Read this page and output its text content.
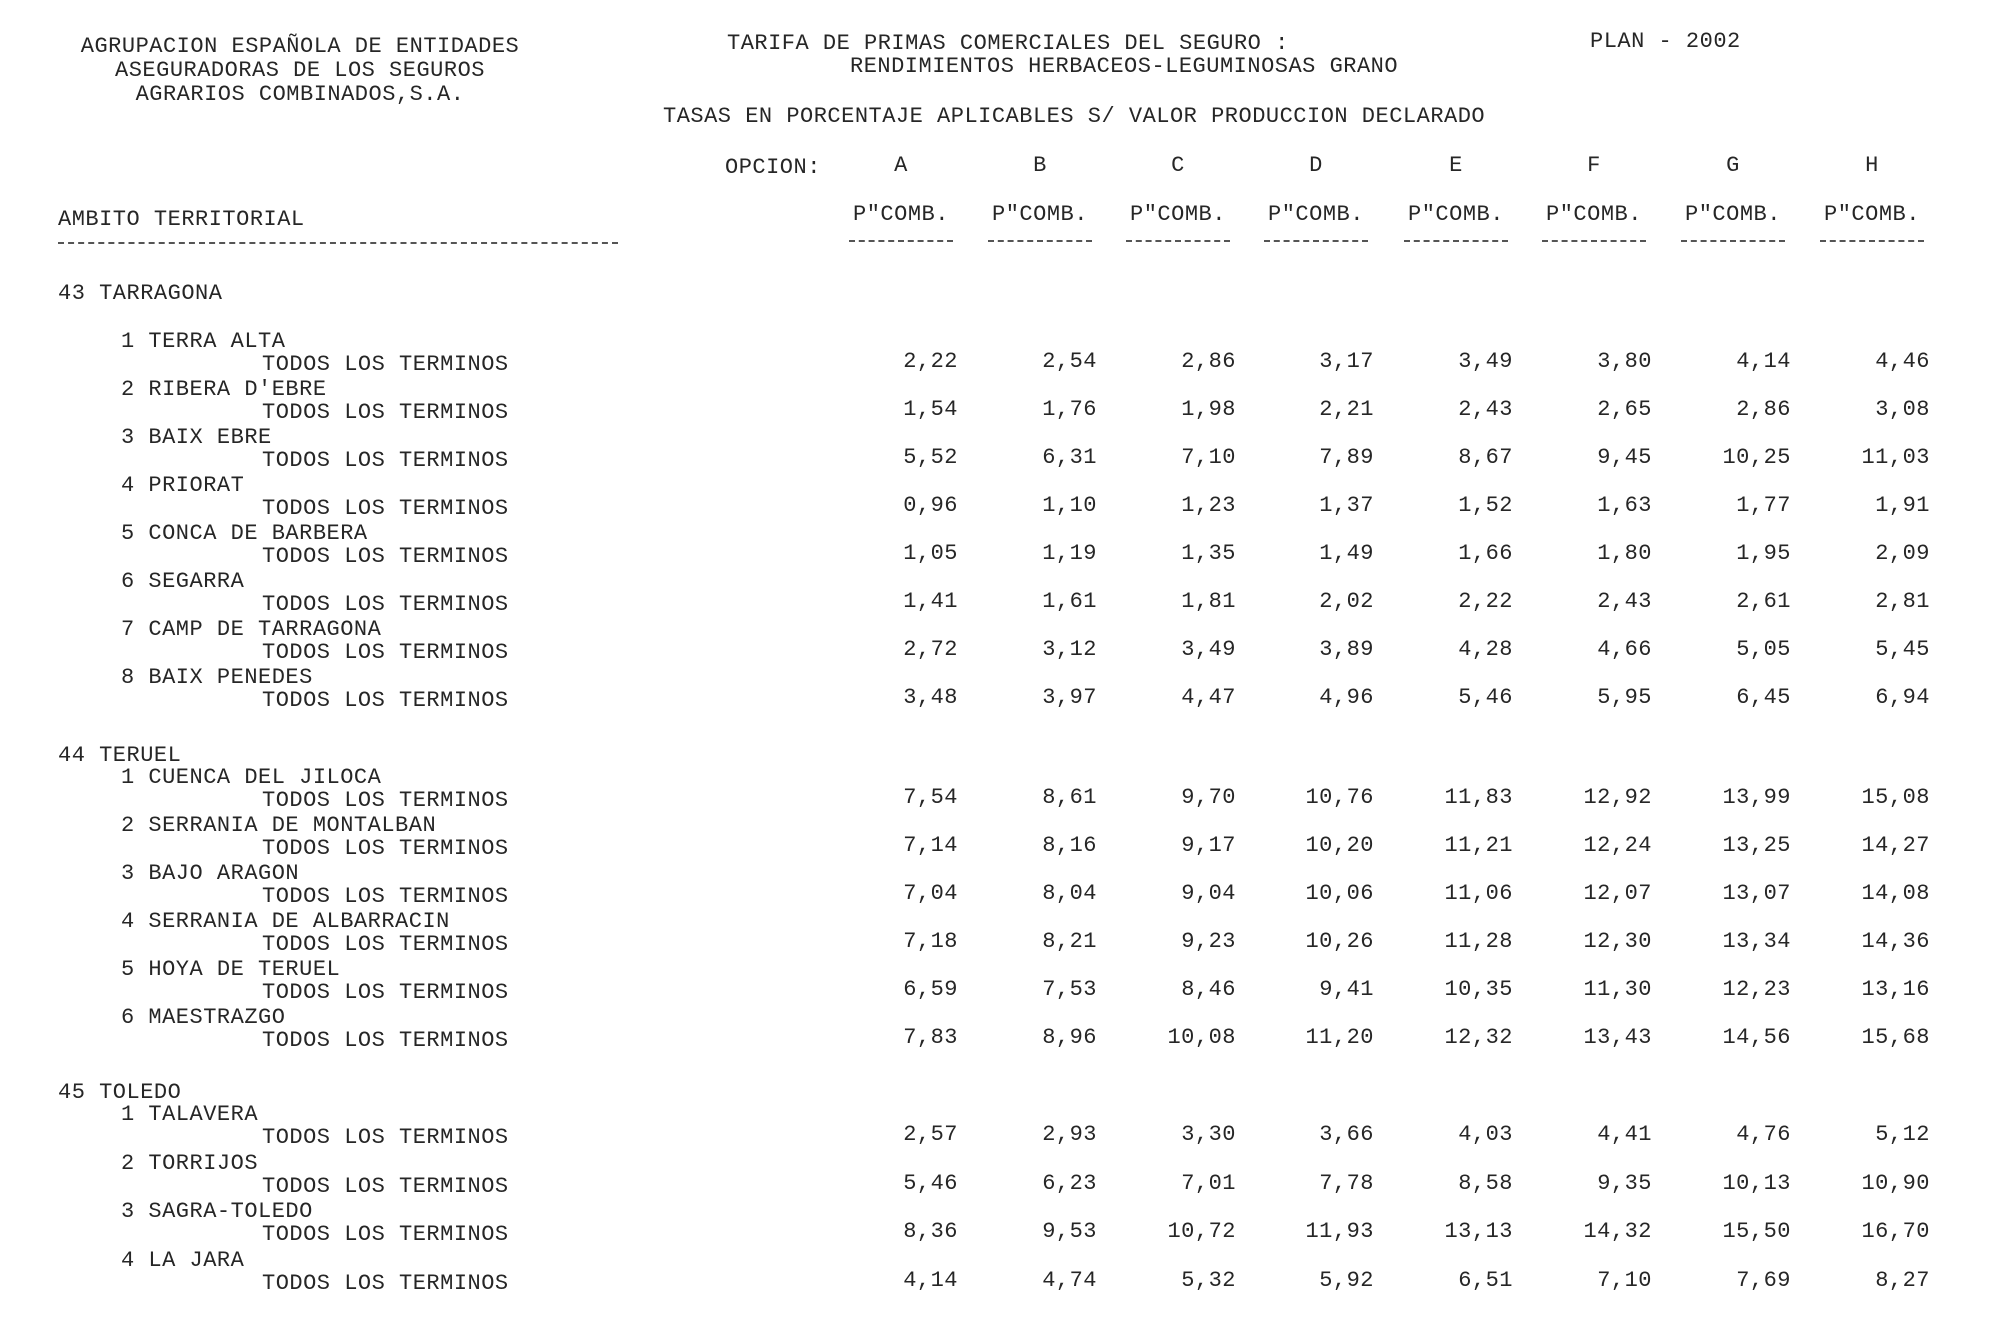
AGRUPACION ESPAÑOLA DE ENTIDADES
ASEGURADORAS DE LOS SEGUROS
AGRARIOS COMBINADOS,S.A.
TARIFA DE PRIMAS COMERCIALES DEL SEGURO :
RENDIMIENTOS HERBACEOS-LEGUMINOSAS GRANO
PLAN - 2002
TASAS EN PORCENTAJE APLICABLES S/ VALOR PRODUCCION DECLARADO
OPCION:	A	B	C	D	E	F	G	H
AMBITO TERRITORIAL	P"COMB.	P"COMB.	P"COMB.	P"COMB.	P"COMB.	P"COMB.	P"COMB.	P"COMB.
43 TARRAGONA
1 TERRA ALTA
TODOS LOS TERMINOS	2,22	2,54	2,86	3,17	3,49	3,80	4,14	4,46
2 RIBERA D'EBRE
TODOS LOS TERMINOS	1,54	1,76	1,98	2,21	2,43	2,65	2,86	3,08
3 BAIX EBRE
TODOS LOS TERMINOS	5,52	6,31	7,10	7,89	8,67	9,45	10,25	11,03
4 PRIORAT
TODOS LOS TERMINOS	0,96	1,10	1,23	1,37	1,52	1,63	1,77	1,91
5 CONCA DE BARBERA
TODOS LOS TERMINOS	1,05	1,19	1,35	1,49	1,66	1,80	1,95	2,09
6 SEGARRA
TODOS LOS TERMINOS	1,41	1,61	1,81	2,02	2,22	2,43	2,61	2,81
7 CAMP DE TARRAGONA
TODOS LOS TERMINOS	2,72	3,12	3,49	3,89	4,28	4,66	5,05	5,45
8 BAIX PENEDES
TODOS LOS TERMINOS	3,48	3,97	4,47	4,96	5,46	5,95	6,45	6,94
44 TERUEL
1 CUENCA DEL JILOCA
TODOS LOS TERMINOS	7,54	8,61	9,70	10,76	11,83	12,92	13,99	15,08
2 SERRANIA DE MONTALBAN
TODOS LOS TERMINOS	7,14	8,16	9,17	10,20	11,21	12,24	13,25	14,27
3 BAJO ARAGON
TODOS LOS TERMINOS	7,04	8,04	9,04	10,06	11,06	12,07	13,07	14,08
4 SERRANIA DE ALBARRACIN
TODOS LOS TERMINOS	7,18	8,21	9,23	10,26	11,28	12,30	13,34	14,36
5 HOYA DE TERUEL
TODOS LOS TERMINOS	6,59	7,53	8,46	9,41	10,35	11,30	12,23	13,16
6 MAESTRAZGO
TODOS LOS TERMINOS	7,83	8,96	10,08	11,20	12,32	13,43	14,56	15,68
45 TOLEDO
1 TALAVERA
TODOS LOS TERMINOS	2,57	2,93	3,30	3,66	4,03	4,41	4,76	5,12
2 TORRIJOS
TODOS LOS TERMINOS	5,46	6,23	7,01	7,78	8,58	9,35	10,13	10,90
3 SAGRA-TOLEDO
TODOS LOS TERMINOS	8,36	9,53	10,72	11,93	13,13	14,32	15,50	16,70
4 LA JARA
TODOS LOS TERMINOS	4,14	4,74	5,32	5,92	6,51	7,10	7,69	8,27
